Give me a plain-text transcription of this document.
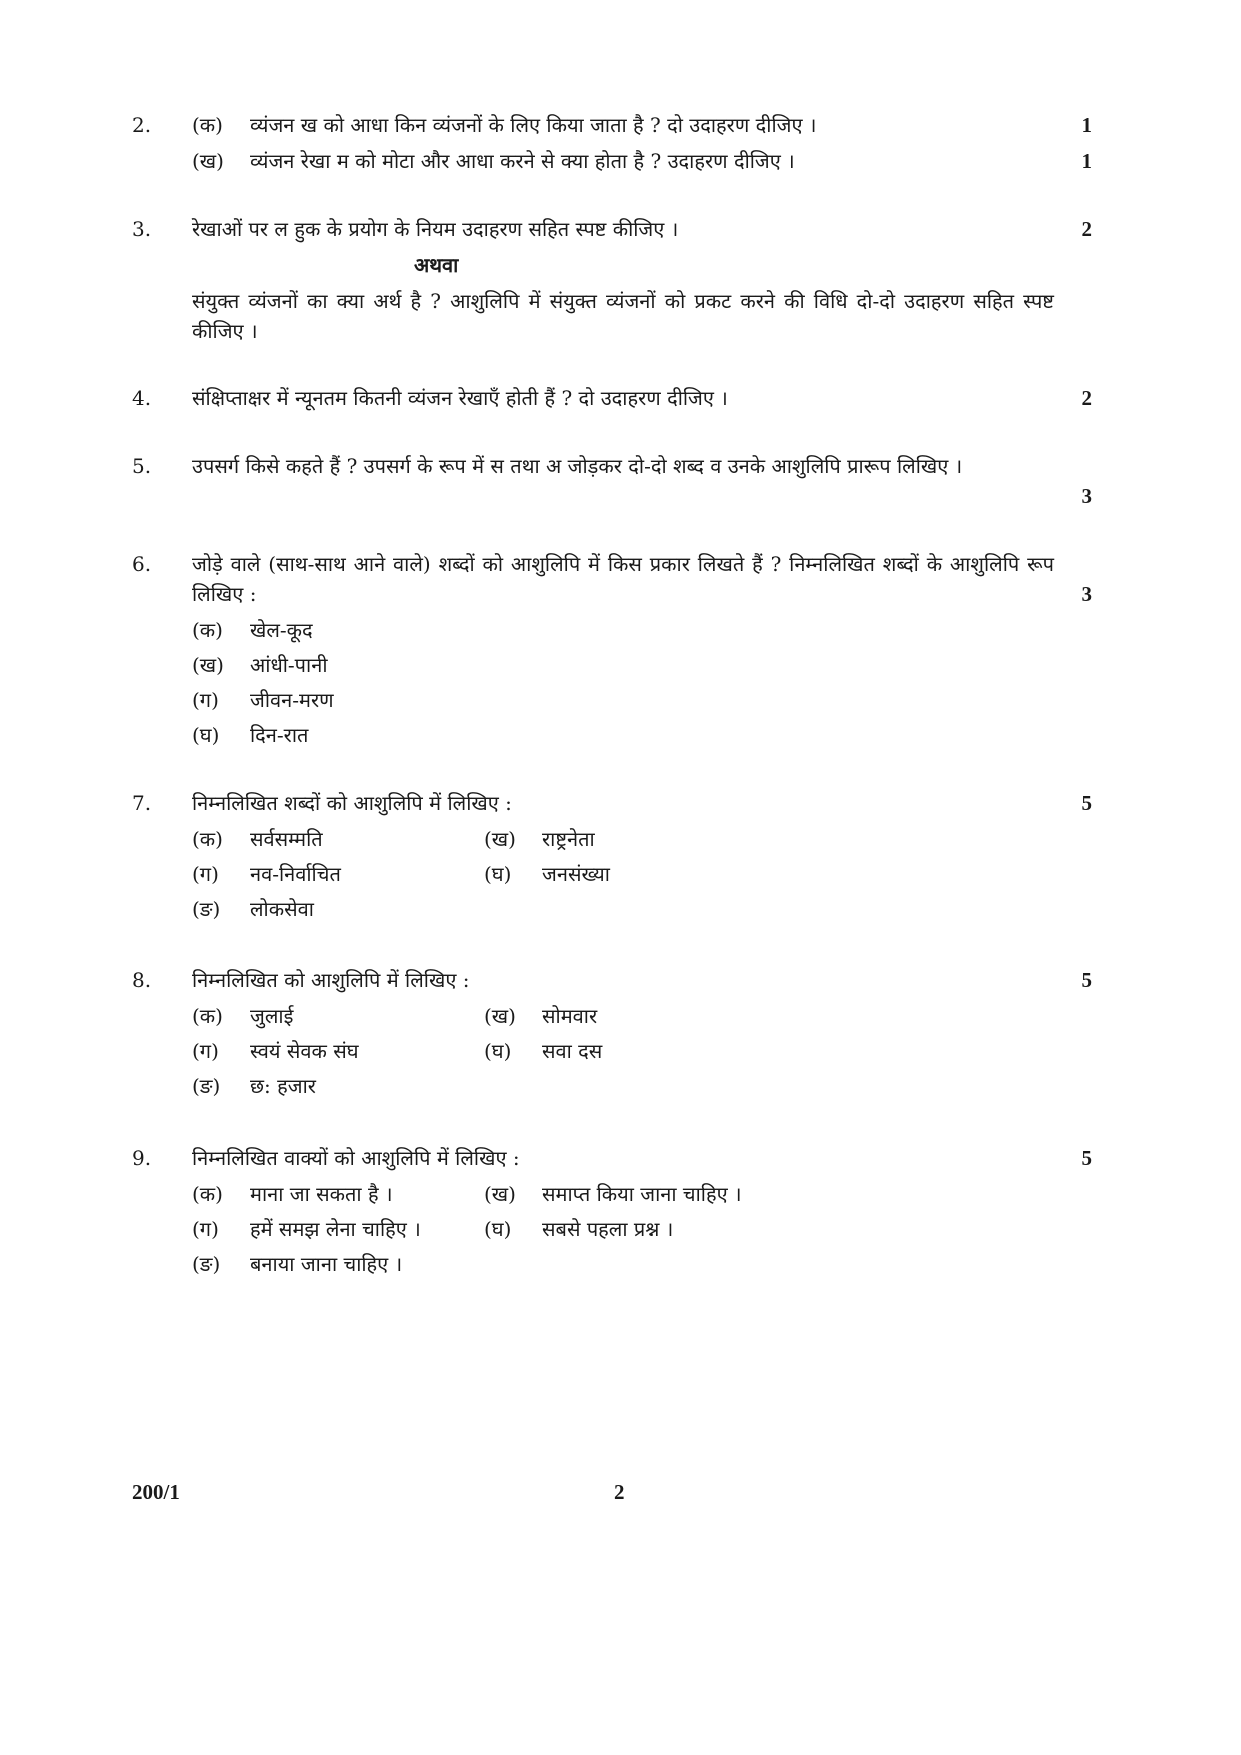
2.	(क) व्यंजन ख को आधा किन व्यंजनों के लिए किया जाता है ? दो उदाहरण दीजिए ।	1
(ख) व्यंजन रेखा म को मोटा और आधा करने से क्या होता है ? उदाहरण दीजिए ।	1
3.	रेखाओं पर ल हुक के प्रयोग के नियम उदाहरण सहित स्पष्ट कीजिए ।	2
अथवा
संयुक्त व्यंजनों का क्या अर्थ है ? आशुलिपि में संयुक्त व्यंजनों को प्रकट करने की विधि दो-दो उदाहरण सहित स्पष्ट कीजिए ।
4.	संक्षिप्ताक्षर में न्यूनतम कितनी व्यंजन रेखाएँ होती हैं ? दो उदाहरण दीजिए ।	2
5.	उपसर्ग किसे कहते हैं ? उपसर्ग के रूप में स तथा अ जोड़कर दो-दो शब्द व उनके आशुलिपि प्रारूप लिखिए ।
3
6.	जोड़े वाले (साथ-साथ आने वाले) शब्दों को आशुलिपि में किस प्रकार लिखते हैं ? निम्नलिखित शब्दों के आशुलिपि रूप लिखिए :	3
(क) खेल-कूद
(ख) आंधी-पानी
(ग) जीवन-मरण
(घ) दिन-रात
7.	निम्नलिखित शब्दों को आशुलिपि में लिखिए :	5
(क) सर्वसम्मति	(ख) राष्ट्रनेता
(ग) नव-निर्वाचित	(घ) जनसंख्या
(ङ) लोकसेवा
8.	निम्नलिखित को आशुलिपि में लिखिए :	5
(क) जुलाई	(ख) सोमवार
(ग) स्वयं सेवक संघ	(घ) सवा दस
(ङ) छ: हजार
9.	निम्नलिखित वाक्यों को आशुलिपि में लिखिए :	5
(क) माना जा सकता है ।	(ख) समाप्त किया जाना चाहिए ।
(ग) हमें समझ लेना चाहिए ।	(घ) सबसे पहला प्रश्न ।
(ङ) बनाया जाना चाहिए ।
200/1	2
